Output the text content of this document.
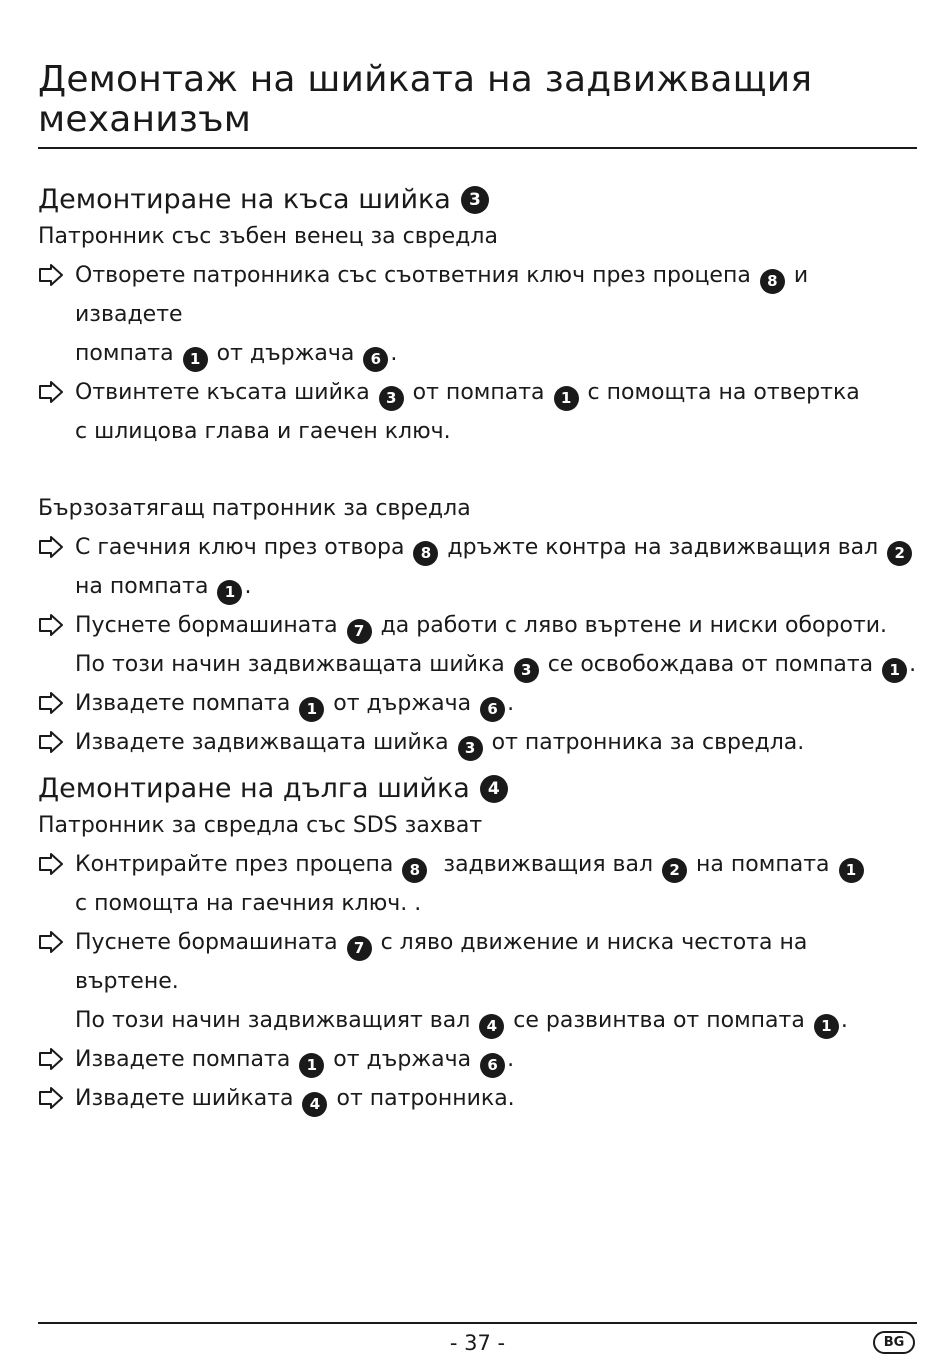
Демонтаж на шийката на задвижващия механизъм
Демонтиране на къса шийка	3
Патронник със зъбен венец за свредла
Отворете патронника със съответния ключ през процепа 8 и извадете
помпата 1 от държача 6 .
Отвинтете късата шийка 3 от помпата 1 с помощта на отвертка
с шлицова глава и гаечен ключ.
Бързозатягащ патронник за свредла
С гаечния ключ през отвора 8 дръжте контра на задвижващия вал 2
на помпата 1 .
Пуснете бормашината 7 да работи с ляво въртене и ниски обороти.
По този начин задвижващата шийка 3 се освобождава от помпата 1 .
Извадете помпата 1 от държача 6 .
Извадете задвижващата шийка 3 от патронника за свредла.
Демонтиране на дълга шийка	4
Патронник за свредла със SDS захват
Контрирайте през процепа 8  задвижващия вал 2 на помпата 1
с помощта на гаечния ключ. .
Пуснете бормашината 7 с ляво движение и ниска честота на въртене.
По този начин задвижващият вал 4 се развинтва от помпата 1 .
Извадете помпата 1 от държача 6 .
Извадете шийката 4 от патронника.
- 37 -	BG
